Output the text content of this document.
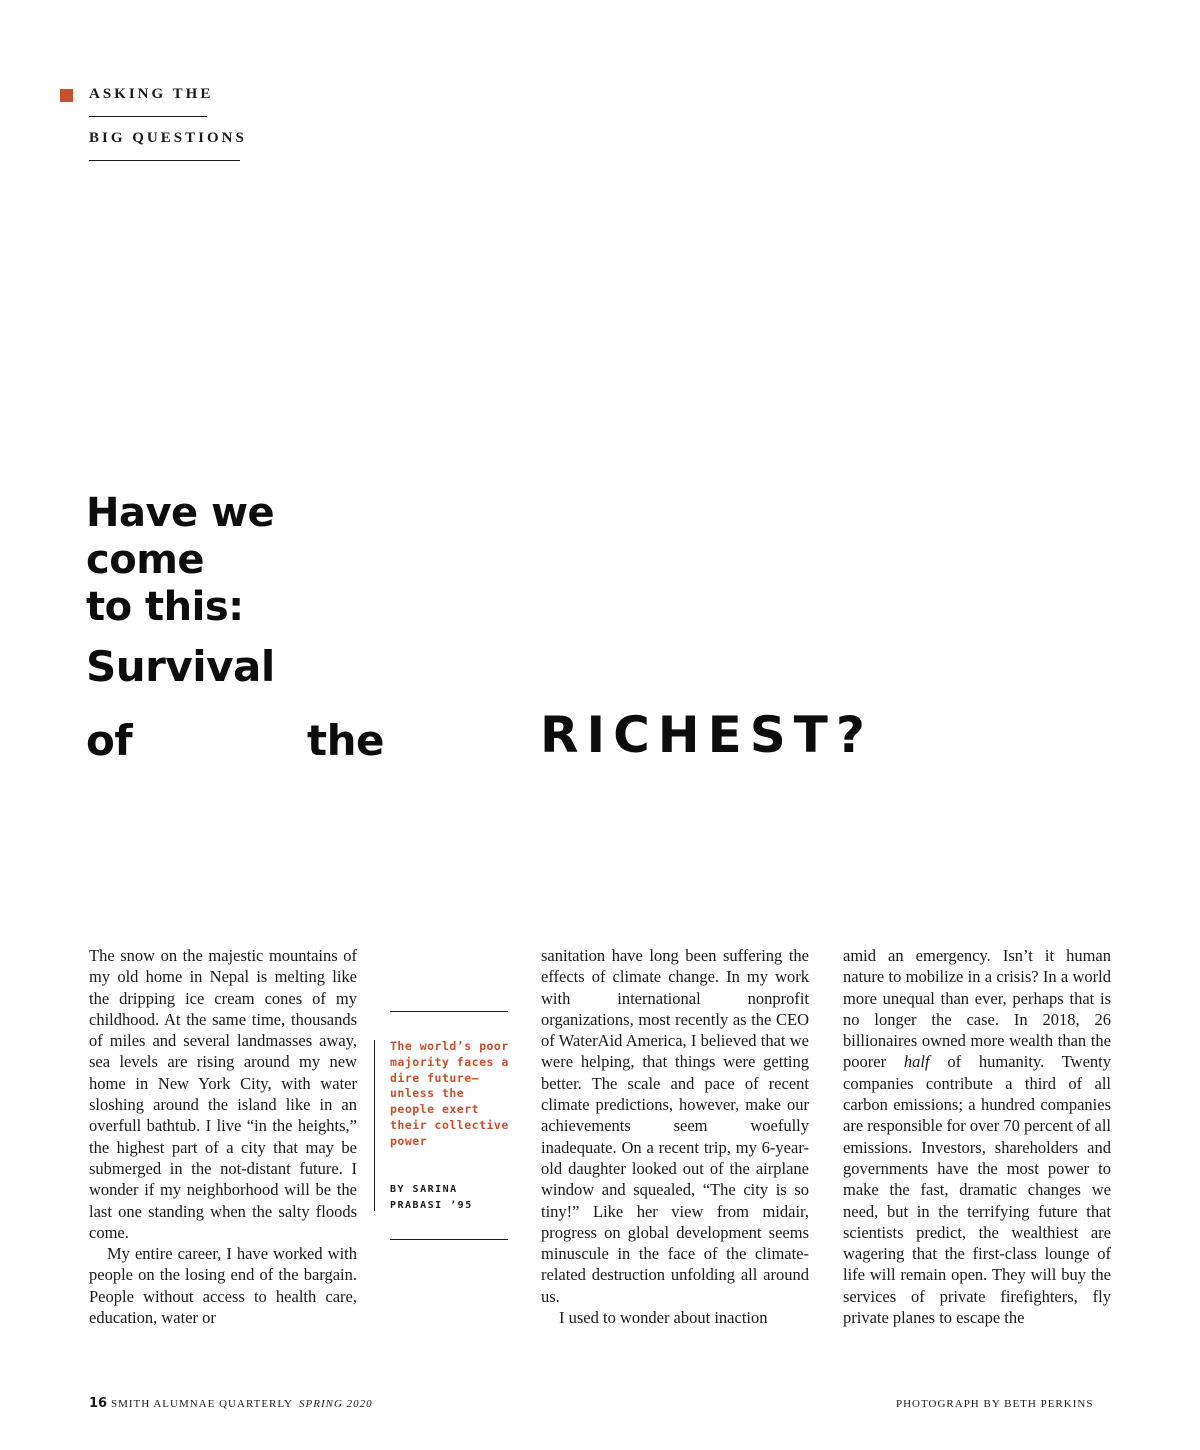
ASKING THE
BIG QUESTIONS
Have we
come
to this:
Survival
of	the	RICHEST?

The snow on the majestic mountains of my old home in Nepal is melting like the dripping ice cream cones of my childhood. At the same time, thousands of miles and several landmasses away, sea levels are rising around my new home in New York City, with water sloshing around the island like in an overfull bathtub. I live “in the heights,” the highest part of a city that may be submerged in the not-distant future. I wonder if my neighborhood will be the last one standing when the salty floods come.

My entire career, I have worked with people on the losing end of the bargain. People without access to health care, education, water or

The world’s poor majority faces a dire future—unless the people exert their collective power
BY SARINA
PRABASI ’95

sanitation have long been suffering the effects of climate change. In my work with international nonprofit organizations, most recently as the CEO of WaterAid America, I believed that we were helping, that things were getting better. The scale and pace of recent climate predictions, however, make our achievements seem woefully inadequate. On a recent trip, my 6-year-old daughter looked out of the airplane window and squealed, “The city is so tiny!” Like her view from midair, progress on global development seems minuscule in the face of the climate-related destruction unfolding all around us.

I used to wonder about inaction

amid an emergency. Isn’t it human nature to mobilize in a crisis? In a world more unequal than ever, perhaps that is no longer the case. In 2018, 26 billionaires owned more wealth than the poorer half of humanity. Twenty companies contribute a third of all carbon emissions; a hundred companies are responsible for over 70 percent of all emissions. Investors, shareholders and governments have the most power to make the fast, dramatic changes we need, but in the terrifying future that scientists predict, the wealthiest are wagering that the first-class lounge of life will remain open. They will buy the services of private firefighters, fly private planes to escape the

16 SMITH ALUMNAE QUARTERLY SPRING 2020	PHOTOGRAPH BY BETH PERKINS
